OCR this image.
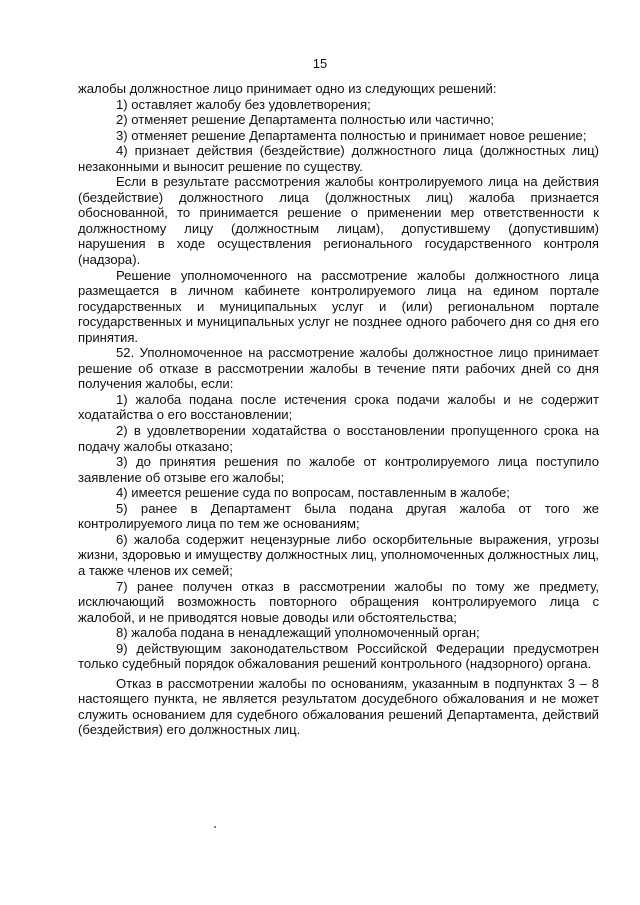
15

жалобы должностное лицо принимает одно из следующих решений:

1) оставляет жалобу без удовлетворения;

2) отменяет решение Департамента полностью или частично;

3) отменяет решение Департамента полностью и принимает новое решение;

4) признает действия (бездействие) должностного лица (должностных лиц) незаконными и выносит решение по существу.

Если в результате рассмотрения жалобы контролируемого лица на действия (бездействие) должностного лица (должностных лиц) жалоба признается обоснованной, то принимается решение о применении мер ответственности к должностному лицу (должностным лицам), допустившему (допустившим) нарушения в ходе осуществления регионального государственного контроля (надзора).

Решение уполномоченного на рассмотрение жалобы должностного лица размещается в личном кабинете контролируемого лица на едином портале государственных и муниципальных услуг и (или) региональном портале государственных и муниципальных услуг не позднее одного рабочего дня со дня его принятия.

52. Уполномоченное на рассмотрение жалобы должностное лицо принимает решение об отказе в рассмотрении жалобы в течение пяти рабочих дней со дня получения жалобы, если:

1) жалоба подана после истечения срока подачи жалобы и не содержит ходатайства о его восстановлении;

2) в удовлетворении ходатайства о восстановлении пропущенного срока на подачу жалобы отказано;

3) до принятия решения по жалобе от контролируемого лица поступило заявление об отзыве его жалобы;

4) имеется решение суда по вопросам, поставленным в жалобе;

5) ранее в Департамент была подана другая жалоба от того же контролируемого лица по тем же основаниям;

6) жалоба содержит нецензурные либо оскорбительные выражения, угрозы жизни, здоровью и имуществу должностных лиц, уполномоченных должностных лиц, а также членов их семей;

7) ранее получен отказ в рассмотрении жалобы по тому же предмету, исключающий возможность повторного обращения контролируемого лица с жалобой, и не приводятся новые доводы или обстоятельства;

8) жалоба подана в ненадлежащий уполномоченный орган;

9) действующим законодательством Российской Федерации предусмотрен только судебный порядок обжалования решений контрольного (надзорного) органа.

Отказ в рассмотрении жалобы по основаниям, указанным в подпунктах 3 – 8 настоящего пункта, не является результатом досудебного обжалования и не может служить основанием для судебного обжалования решений Департамента, действий (бездействия) его должностных лиц.
